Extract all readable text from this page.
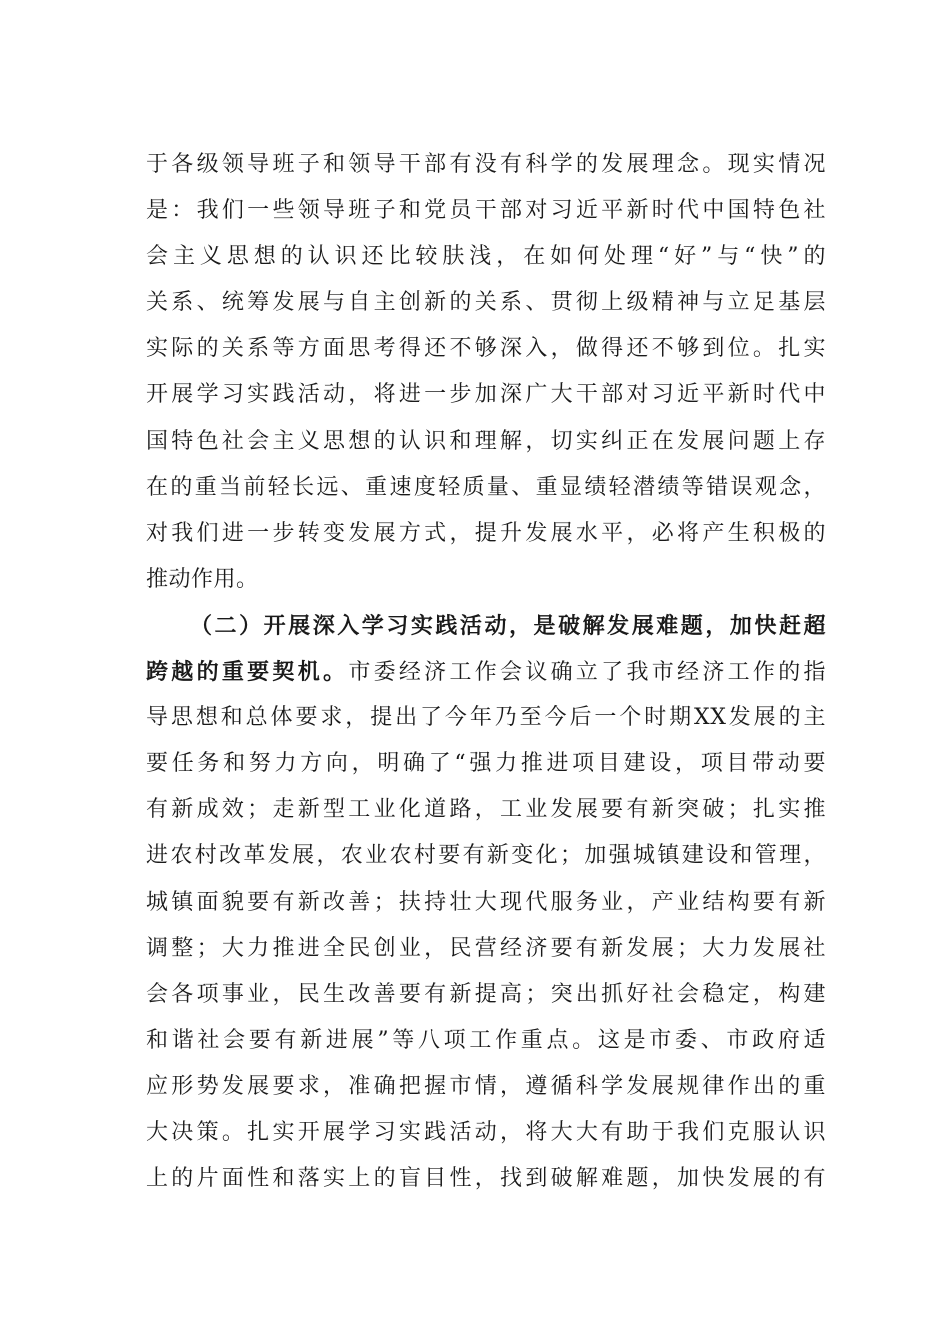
于各级领导班子和领导干部有没有科学的发展理念。现实情况
是：我们一些领导班子和党员干部对习近平新时代中国特色社
会主义思想的认识还比较肤浅，在如何处理“好”与“快”的
关系、统筹发展与自主创新的关系、贯彻上级精神与立足基层
实际的关系等方面思考得还不够深入，做得还不够到位。扎实
开展学习实践活动，将进一步加深广大干部对习近平新时代中
国特色社会主义思想的认识和理解，切实纠正在发展问题上存
在的重当前轻长远、重速度轻质量、重显绩轻潜绩等错误观念，
对我们进一步转变发展方式，提升发展水平，必将产生积极的
推动作用。
（二）开展深入学习实践活动，是破解发展难题，加快赶超
跨越的重要契机。市委经济工作会议确立了我市经济工作的指
导思想和总体要求，提出了今年乃至今后一个时期XX发展的主
要任务和努力方向，明确了“强力推进项目建设，项目带动要
有新成效；走新型工业化道路，工业发展要有新突破；扎实推
进农村改革发展，农业农村要有新变化；加强城镇建设和管理，
城镇面貌要有新改善；扶持壮大现代服务业，产业结构要有新
调整；大力推进全民创业，民营经济要有新发展；大力发展社
会各项事业，民生改善要有新提高；突出抓好社会稳定，构建
和谐社会要有新进展”等八项工作重点。这是市委、市政府适
应形势发展要求，准确把握市情，遵循科学发展规律作出的重
大决策。扎实开展学习实践活动，将大大有助于我们克服认识
上的片面性和落实上的盲目性，找到破解难题，加快发展的有
